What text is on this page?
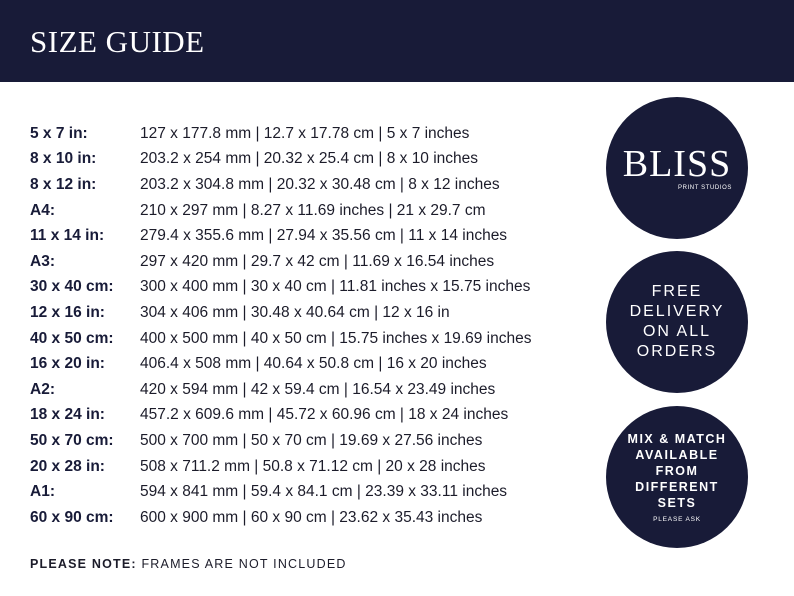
SIZE GUIDE
5 x 7 in:	127 x 177.8 mm | 12.7 x 17.78 cm | 5 x 7 inches
8 x 10 in:	203.2 x 254 mm | 20.32 x 25.4 cm | 8 x 10 inches
8 x 12 in:	203.2 x 304.8 mm | 20.32 x 30.48 cm | 8 x 12 inches
A4:	210 x 297 mm | 8.27 x 11.69 inches | 21 x 29.7 cm
11 x 14 in:	279.4 x 355.6 mm | 27.94 x 35.56 cm | 11 x 14 inches
A3:	297 x 420 mm | 29.7 x 42 cm | 11.69 x 16.54 inches
30 x 40 cm:	300 x 400 mm | 30 x 40 cm | 11.81 inches x 15.75 inches
12 x 16 in:	304 x 406 mm | 30.48 x 40.64 cm | 12 x 16 in
40 x 50 cm:	400 x 500 mm | 40 x 50 cm | 15.75 inches x 19.69 inches
16 x 20 in:	406.4 x 508 mm | 40.64 x 50.8 cm | 16 x 20 inches
A2:	420 x 594 mm | 42 x 59.4 cm | 16.54 x 23.49 inches
18 x 24 in:	457.2 x 609.6 mm | 45.72 x 60.96 cm | 18 x 24 inches
50 x 70 cm:	500 x 700 mm | 50 x 70 cm | 19.69 x 27.56 inches
20 x 28 in:	508 x 711.2 mm | 50.8 x 71.12 cm | 20 x 28 inches
A1:	594 x 841 mm | 59.4 x 84.1 cm | 23.39 x 33.11 inches
60 x 90 cm:	600 x 900 mm | 60 x 90 cm | 23.62 x 35.43 inches
PLEASE NOTE: FRAMES ARE NOT INCLUDED
BLISS
PRINT STUDIOS
FREE
DELIVERY
ON ALL
ORDERS
MIX & MATCH
AVAILABLE
FROM
DIFFERENT
SETS
PLEASE ASK
